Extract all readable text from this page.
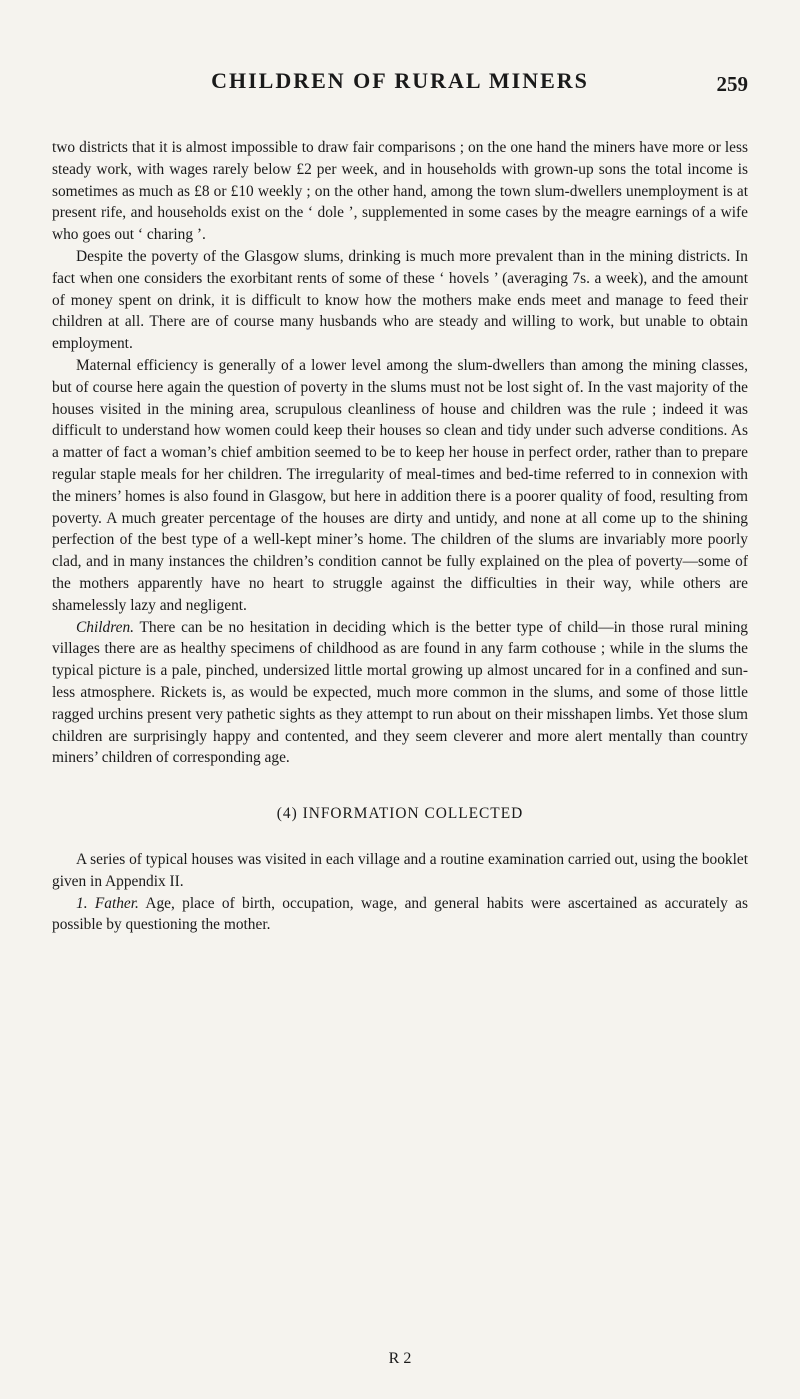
CHILDREN OF RURAL MINERS	259

two districts that it is almost impossible to draw fair comparisons ; on the one hand the miners have more or less steady work, with wages rarely below £2 per week, and in households with grown-up sons the total income is sometimes as much as £8 or £10 weekly ; on the other hand, among the town slum-dwellers unemployment is at present rife, and households exist on the ‘ dole ’, supplemented in some cases by the meagre earnings of a wife who goes out ‘ charing ’.

Despite the poverty of the Glasgow slums, drinking is much more prevalent than in the mining districts. In fact when one considers the exorbitant rents of some of these ‘ hovels ’ (averaging 7s. a week), and the amount of money spent on drink, it is difficult to know how the mothers make ends meet and manage to feed their children at all. There are of course many husbands who are steady and willing to work, but unable to obtain employment.

Maternal efficiency is generally of a lower level among the slum-dwellers than among the mining classes, but of course here again the question of poverty in the slums must not be lost sight of. In the vast majority of the houses visited in the mining area, scrupulous cleanliness of house and children was the rule ; indeed it was difficult to understand how women could keep their houses so clean and tidy under such adverse conditions. As a matter of fact a woman’s chief ambition seemed to be to keep her house in perfect order, rather than to prepare regular staple meals for her children. The irregularity of meal-times and bed-time referred to in connexion with the miners’ homes is also found in Glasgow, but here in addition there is a poorer quality of food, resulting from poverty. A much greater percentage of the houses are dirty and untidy, and none at all come up to the shining perfection of the best type of a well-kept miner’s home. The children of the slums are invariably more poorly clad, and in many instances the children’s condition cannot be fully explained on the plea of poverty—some of the mothers apparently have no heart to struggle against the difficulties in their way, while others are shamelessly lazy and negligent.

Children. There can be no hesitation in deciding which is the better type of child—in those rural mining villages there are as healthy specimens of childhood as are found in any farm cothouse ; while in the slums the typical picture is a pale, pinched, undersized little mortal growing up almost uncared for in a confined and sun-less atmosphere. Rickets is, as would be expected, much more common in the slums, and some of those little ragged urchins present very pathetic sights as they attempt to run about on their misshapen limbs. Yet those slum children are surprisingly happy and contented, and they seem cleverer and more alert mentally than country miners’ children of corresponding age.

(4) INFORMATION COLLECTED

A series of typical houses was visited in each village and a routine examination carried out, using the booklet given in Appendix II.

1. Father. Age, place of birth, occupation, wage, and general habits were ascertained as accurately as possible by questioning the mother.

R 2
